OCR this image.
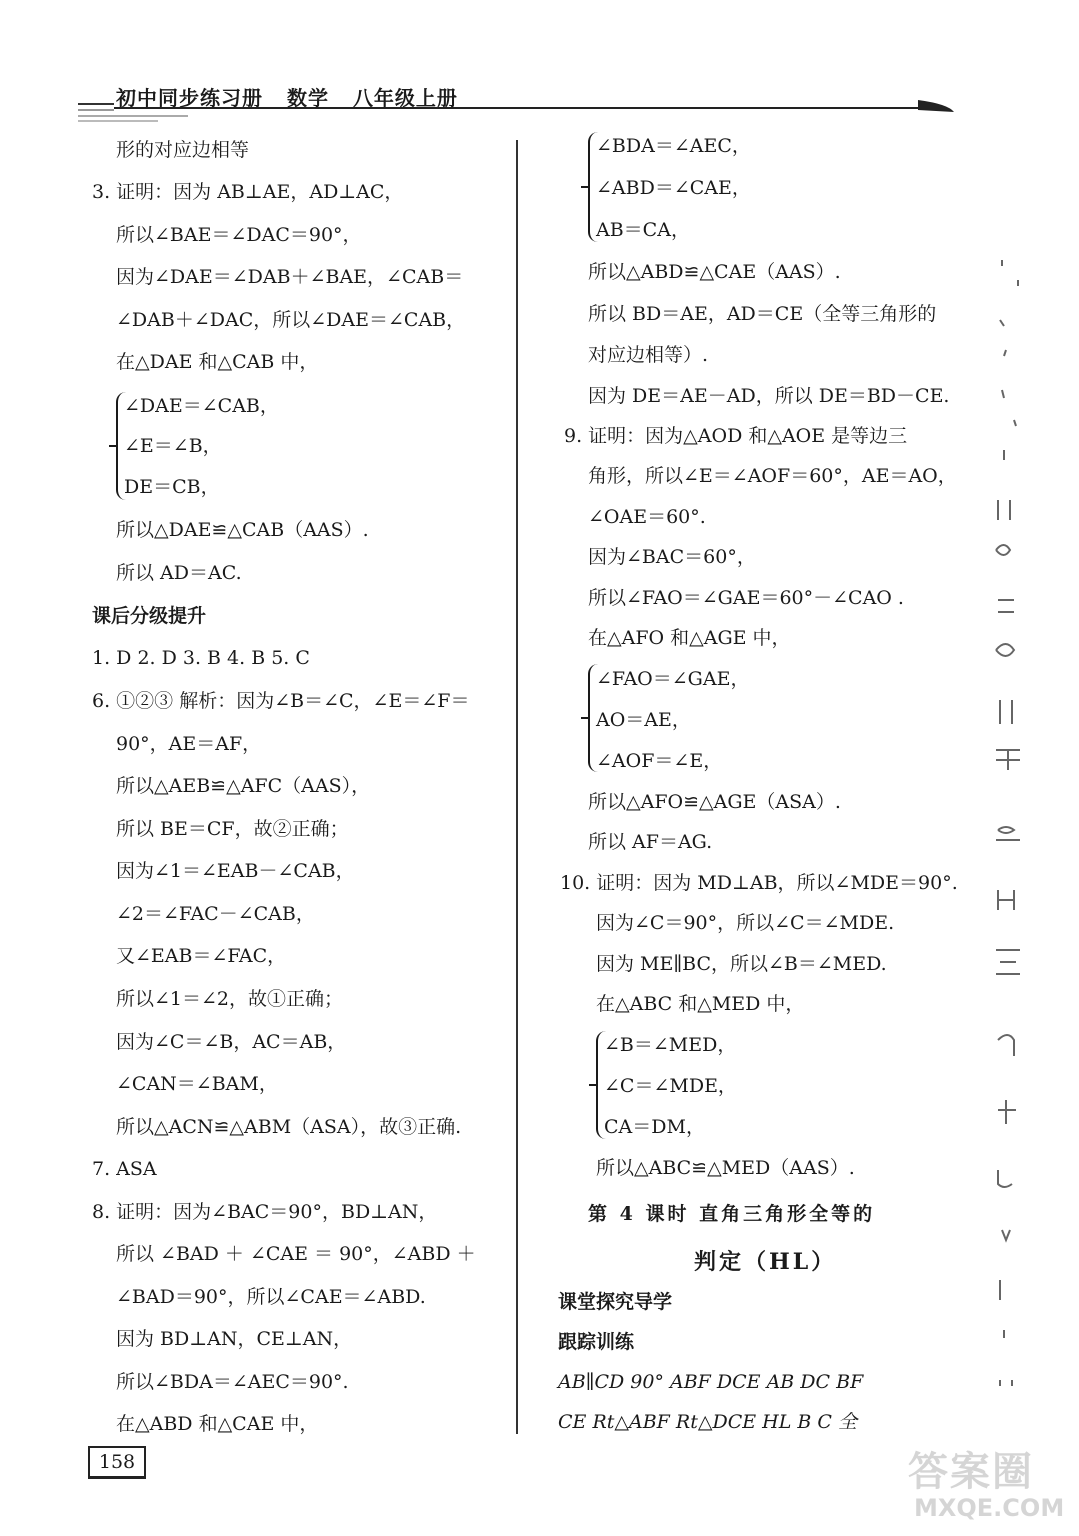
初中同步练习册 数学 八年级上册
形的对应边相等
3. 证明：因为 AB⊥AE，AD⊥AC，
所以∠BAE＝∠DAC＝90°，
因为∠DAE＝∠DAB＋∠BAE，∠CAB＝
∠DAB＋∠DAC，所以∠DAE＝∠CAB，
在△DAE 和△CAB 中，
∠DAE＝∠CAB，
∠E＝∠B，
DE＝CB，
所以△DAE≌△CAB（AAS）.
所以 AD＝AC.
课后分级提升
1. D 2. D 3. B 4. B 5. C
6. ①②③ 解析：因为∠B＝∠C，∠E＝∠F＝
90°，AE＝AF，
所以△AEB≌△AFC（AAS），
所以 BE＝CF，故②正确；
因为∠1＝∠EAB－∠CAB，
∠2＝∠FAC－∠CAB，
又∠EAB＝∠FAC，
所以∠1＝∠2，故①正确；
因为∠C＝∠B，AC＝AB，
∠CAN＝∠BAM，
所以△ACN≌△ABM（ASA），故③正确.
7. ASA
8. 证明：因为∠BAC＝90°，BD⊥AN，
所以 ∠BAD ＋ ∠CAE ＝ 90°，∠ABD ＋
∠BAD＝90°，所以∠CAE＝∠ABD.
因为 BD⊥AN，CE⊥AN，
所以∠BDA＝∠AEC＝90°.
在△ABD 和△CAE 中，
∠BDA＝∠AEC，
∠ABD＝∠CAE，
AB＝CA，
所以△ABD≌△CAE（AAS）.
所以 BD＝AE，AD＝CE（全等三角形的
对应边相等）.
因为 DE＝AE－AD，所以 DE＝BD－CE.
9. 证明：因为△AOD 和△AOE 是等边三
角形，所以∠E＝∠AOF＝60°，AE＝AO，
∠OAE＝60°.
因为∠BAC＝60°，
所以∠FAO＝∠GAE＝60°－∠CAO .
在△AFO 和△AGE 中，
∠FAO＝∠GAE，
AO＝AE，
∠AOF＝∠E，
所以△AFO≌△AGE（ASA）.
所以 AF＝AG.
10. 证明：因为 MD⊥AB，所以∠MDE＝90°.
因为∠C＝90°，所以∠C＝∠MDE.
因为 ME∥BC，所以∠B＝∠MED.
在△ABC 和△MED 中，
∠B＝∠MED，
∠C＝∠MDE，
CA＝DM，
所以△ABC≌△MED（AAS）.
第 4 课时 直角三角形全等的
判定（HL）
课堂探究导学
跟踪训练
AB∥CD 90° ABF DCE AB DC BF
CE Rt△ABF Rt△DCE HL B C 全
158	答案圈
MXQE.COM
